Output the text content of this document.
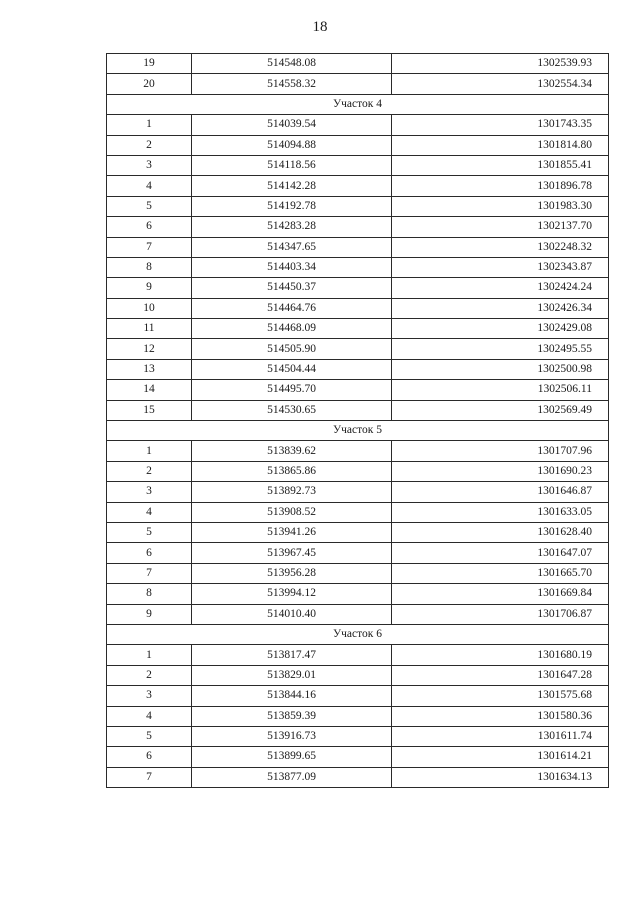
18
19	514548.08	1302539.93
20	514558.32	1302554.34
Участок 4		
1	514039.54	1301743.35
2	514094.88	1301814.80
3	514118.56	1301855.41
4	514142.28	1301896.78
5	514192.78	1301983.30
6	514283.28	1302137.70
7	514347.65	1302248.32
8	514403.34	1302343.87
9	514450.37	1302424.24
10	514464.76	1302426.34
11	514468.09	1302429.08
12	514505.90	1302495.55
13	514504.44	1302500.98
14	514495.70	1302506.11
15	514530.65	1302569.49
Участок 5		
1	513839.62	1301707.96
2	513865.86	1301690.23
3	513892.73	1301646.87
4	513908.52	1301633.05
5	513941.26	1301628.40
6	513967.45	1301647.07
7	513956.28	1301665.70
8	513994.12	1301669.84
9	514010.40	1301706.87
Участок 6		
1	513817.47	1301680.19
2	513829.01	1301647.28
3	513844.16	1301575.68
4	513859.39	1301580.36
5	513916.73	1301611.74
6	513899.65	1301614.21
7	513877.09	1301634.13
